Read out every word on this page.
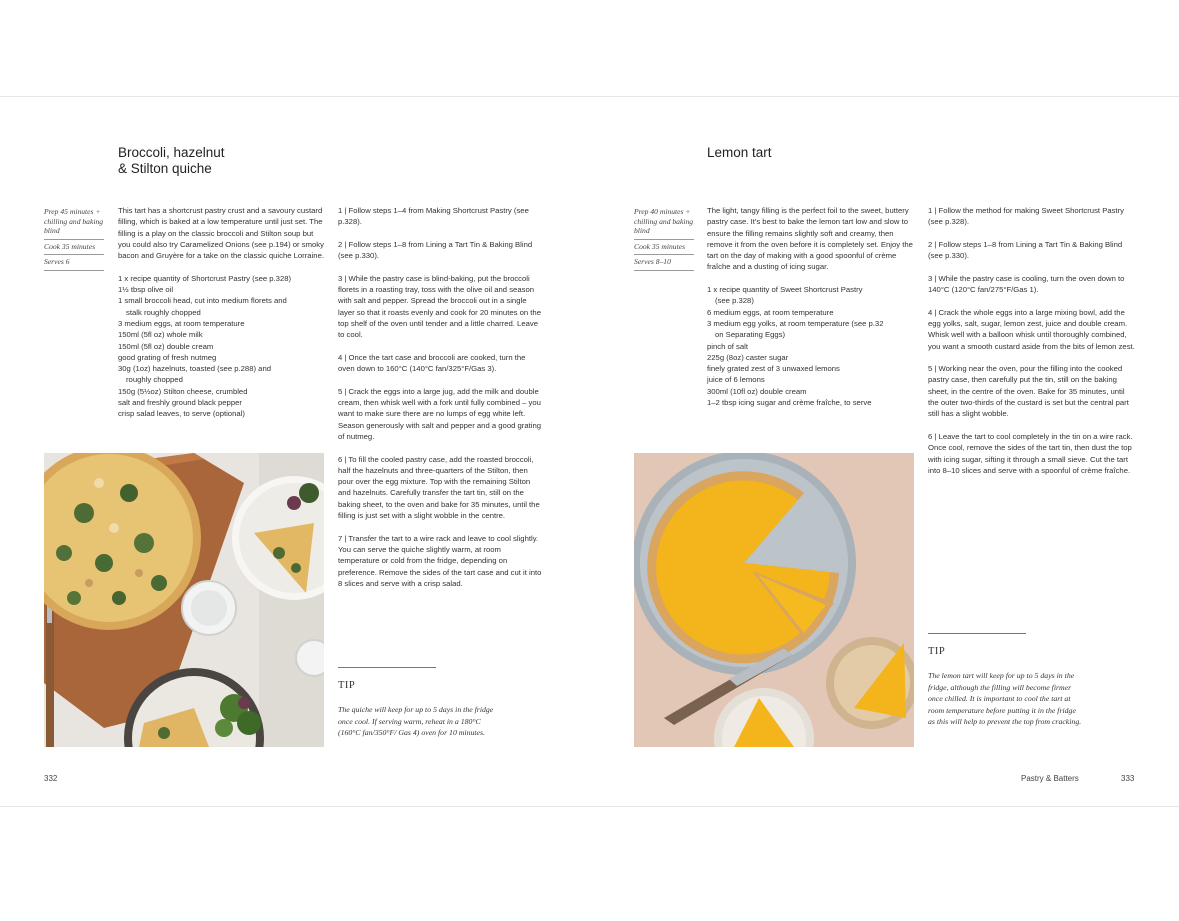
Broccoli, hazelnut
& Stilton quiche
Prep 45 minutes + chilling and baking blind
Cook 35 minutes
Serves 6

This tart has a shortcrust pastry crust and a savoury custard filling, which is baked at a low temperature until just set. The filling is a play on the classic broccoli and Stilton soup but you could also try Caramelized Onions (see p.194) or smoky bacon and Gruyère for a take on the classic quiche Lorraine.

1 x recipe quantity of Shortcrust Pastry (see p.328)
1½ tbsp olive oil
1 small broccoli head, cut into medium florets and
stalk roughly chopped
3 medium eggs, at room temperature
150ml (5fl oz) whole milk
150ml (5fl oz) double cream
good grating of fresh nutmeg
30g (1oz) hazelnuts, toasted (see p.288) and
roughly chopped
150g (5½oz) Stilton cheese, crumbled
salt and freshly ground black pepper
crisp salad leaves, to serve (optional)

1 | Follow steps 1–4 from Making Shortcrust Pastry (see p.328).

2 | Follow steps 1–8 from Lining a Tart Tin & Baking Blind (see p.330).

3 | While the pastry case is blind-baking, put the broccoli florets in a roasting tray, toss with the olive oil and season with salt and pepper. Spread the broccoli out in a single layer so that it roasts evenly and cook for 20 minutes on the top shelf of the oven until tender and a little charred. Leave to cool.

4 | Once the tart case and broccoli are cooked, turn the oven down to 160°C (140°C fan/325°F/Gas 3).

5 | Crack the eggs into a large jug, add the milk and double cream, then whisk well with a fork until fully combined – you want to make sure there are no lumps of egg white left. Season generously with salt and pepper and a good grating of nutmeg.

6 | To fill the cooled pastry case, add the roasted broccoli, half the hazelnuts and three-quarters of the Stilton, then pour over the egg mixture. Top with the remaining Stilton and hazelnuts. Carefully transfer the tart tin, still on the baking sheet, to the oven and bake for 35 minutes, until the filling is just set with a slight wobble in the centre.

7 | Transfer the tart to a wire rack and leave to cool slightly. You can serve the quiche slightly warm, at room temperature or cold from the fridge, depending on preference. Remove the sides of the tart case and cut it into 8 slices and serve with a crisp salad.

TIP
The quiche will keep for up to 5 days in the fridge once cool. If serving warm, reheat in a 180°C (160°C fan/350°F/ Gas 4) oven for 10 minutes.
332
Lemon tart
Prep 40 minutes + chilling and baking blind
Cook 35 minutes
Serves 8–10

The light, tangy filling is the perfect foil to the sweet, buttery pastry case. It's best to bake the lemon tart low and slow to ensure the filling remains slightly soft and creamy, then remove it from the oven before it is completely set. Enjoy the tart on the day of making with a good spoonful of crème fraîche and a dusting of icing sugar.

1 x recipe quantity of Sweet Shortcrust Pastry
(see p.328)
6 medium eggs, at room temperature
3 medium egg yolks, at room temperature (see p.32
on Separating Eggs)
pinch of salt
225g (8oz) caster sugar
finely grated zest of 3 unwaxed lemons
juice of 6 lemons
300ml (10fl oz) double cream
1–2 tbsp icing sugar and crème fraîche, to serve

1 | Follow the method for making Sweet Shortcrust Pastry (see p.328).

2 | Follow steps 1–8 from Lining a Tart Tin & Baking Blind (see p.330).

3 | While the pastry case is cooling, turn the oven down to 140°C (120°C fan/275°F/Gas 1).

4 | Crack the whole eggs into a large mixing bowl, add the egg yolks, salt, sugar, lemon zest, juice and double cream. Whisk well with a balloon whisk until thoroughly combined, you want a smooth custard aside from the bits of lemon zest.

5 | Working near the oven, pour the filling into the cooked pastry case, then carefully put the tin, still on the baking sheet, in the centre of the oven. Bake for 35 minutes, until the outer two-thirds of the custard is set but the central part still has a slight wobble.

6 | Leave the tart to cool completely in the tin on a wire rack. Once cool, remove the sides of the tart tin, then dust the top with icing sugar, sifting it through a small sieve. Cut the tart into 8–10 slices and serve with a spoonful of crème fraîche.

TIP
The lemon tart will keep for up to 5 days in the fridge, although the filling will become firmer once chilled. It is important to cool the tart at room temperature before putting it in the fridge as this will help to prevent the top from cracking.
Pastry & Batters	333
